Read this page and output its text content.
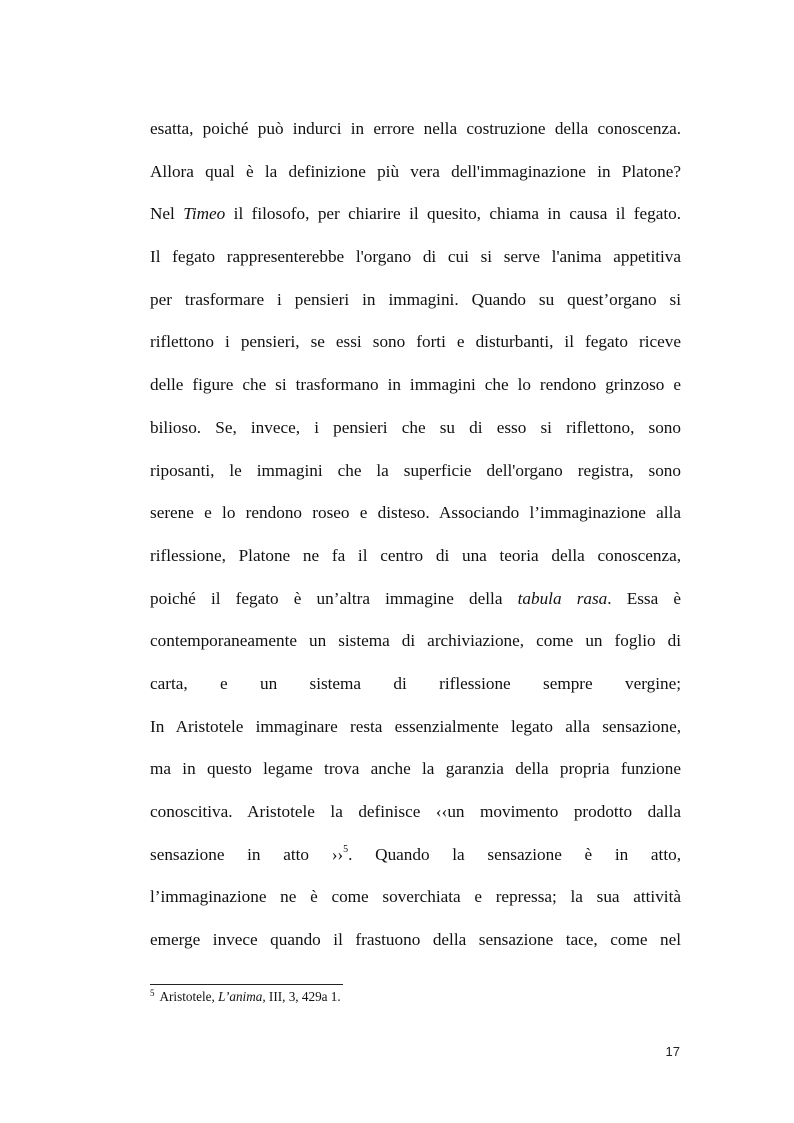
esatta, poiché può indurci in errore nella costruzione della conoscenza.
Allora qual è la definizione più vera dell'immaginazione in Platone?
Nel Timeo il filosofo, per chiarire il quesito, chiama in causa il fegato.
Il fegato rappresenterebbe l'organo di cui si serve l'anima appetitiva
per trasformare i pensieri in immagini. Quando su quest’organo si
riflettono i pensieri, se essi sono forti e disturbanti, il fegato riceve
delle figure che si trasformano in immagini che lo rendono grinzoso e
bilioso. Se, invece, i pensieri che su di esso si riflettono, sono
riposanti, le immagini che la superficie dell'organo registra, sono
serene e lo rendono roseo e disteso. Associando l’immaginazione alla
riflessione, Platone ne fa il centro di una teoria della conoscenza,
poiché il fegato è un’altra immagine della tabula rasa. Essa è
contemporaneamente un sistema di archiviazione, come un foglio di
carta, e un sistema di riflessione sempre vergine;
In Aristotele immaginare resta essenzialmente legato alla sensazione,
ma in questo legame trova anche la garanzia della propria funzione
conoscitiva. Aristotele la definisce ‹‹un movimento prodotto dalla
sensazione in atto ››$^5$. Quando la sensazione è in atto,
l’immaginazione ne è come soverchiata e repressa; la sua attività
emerge invece quando il frastuono della sensazione tace, come nel
$^5$ Aristotele, L’anima, III, 3, 429a 1.
17
